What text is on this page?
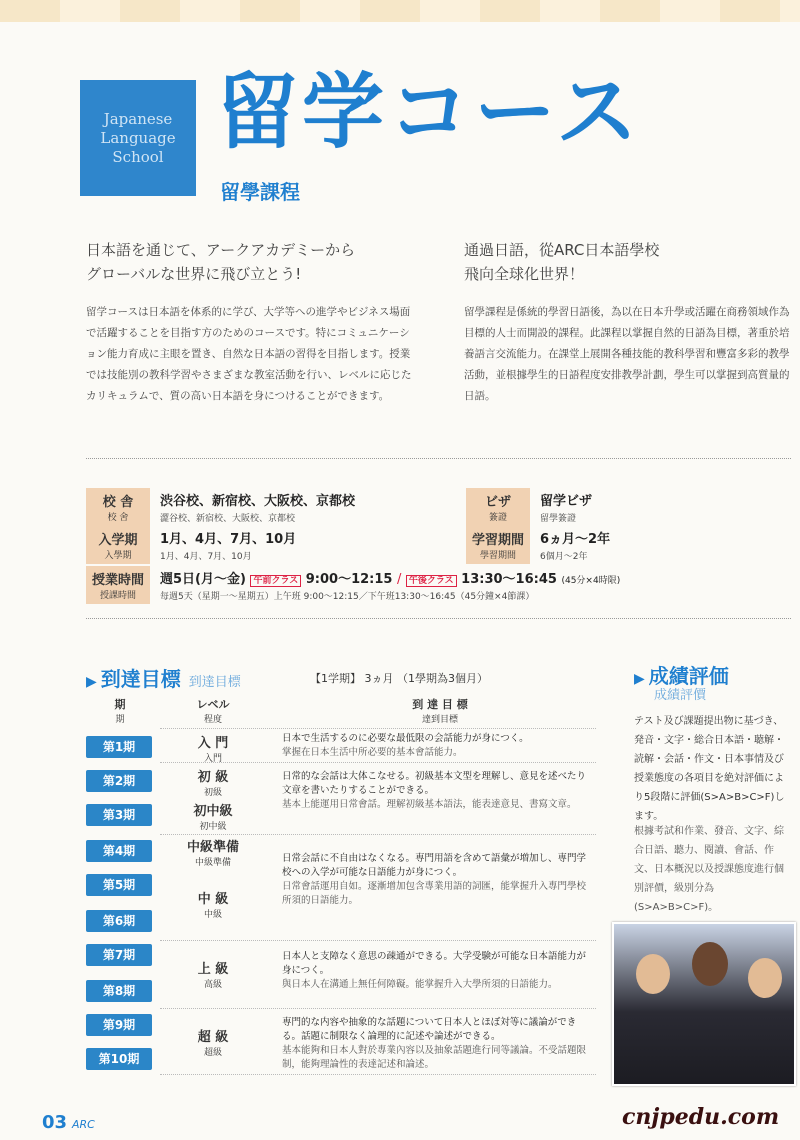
Japanese
Language
School 留学コース
留學課程
日本語を通じて、アークアカデミーから
グローバルな世界に飛び立とう!
留学コースは日本語を体系的に学び、大学等への進学やビジネス場面で活躍することを目指す方のためのコースです。特にコミュニケーション能力育成に主眼を置き、自然な日本語の習得を目指します。授業では技能別の教科学習やさまざまな教室活動を行い、レベルに応じたカリキュラムで、質の高い日本語を身につけることができます。
通過日語，從ARC日本語學校
飛向全球化世界！
留學課程是係統的學習日語後，為以在日本升學或活躍在商務領域作為目標的人士而開設的課程。此課程以掌握自然的日語為目標，著重於培養語言交流能力。在課堂上展開各種技能的教科學習和豐富多彩的教學活動，並根據學生的日語程度安排教學計劃，學生可以掌握到高質量的日語。
校 舎
校 舍
渋谷校、新宿校、大阪校、京都校
澀谷校、新宿校、大阪校、京都校
ビザ
簽證
留学ビザ
留學簽證
入学期
入學期
1月、4月、7月、10月
1月、4月、7月、10月
学習期間
學習期間
6ヵ月～2年
6個月～2年
授業時間
授課時間
週5日(月～金) 午前クラス 9:00～12:15 / 午後クラス 13:30～16:45 (45分×4時限)
每週5天（星期一～星期五）上午班 9:00～12:15／下午班13:30～16:45（45分鐘×4節課）
▶ 到達目標 到達目標	【1学期】 3ヵ月 （1學期為3個月）
期
期
レベル
程度
到 達 目 標
達到目標
第1期
第2期
第3期
第4期
第5期
第6期
第7期
第8期
第9期
第10期
入 門
入門
初 級
初級
初中級
初中級
中級準備
中級準備
中 級
中級
上 級
高級
超 級
超級
日本で生活するのに必要な最低限の会話能力が身につく。
掌握在日本生活中所必要的基本會話能力。
日常的な会話は大体こなせる。初級基本文型を理解し、意見を述べたり文章を書いたりすることができる。
基本上能運用日常會話。理解初級基本語法，能表達意見、書寫文章。
日常会話に不自由はなくなる。専門用語を含めて語彙が増加し、専門学校への入学が可能な日語能力が身につく。
日常會話運用自如。逐漸增加包含專業用語的詞匯，能掌握升入專門學校所須的日語能力。
日本人と支障なく意思の疎通ができる。大学受験が可能な日本語能力が身につく。
與日本人在溝通上無任何障礙。能掌握升入大學所須的日語能力。
専門的な内容や抽象的な話題について日本人とほぼ対等に議論ができる。話題に制限なく論理的に記述や論述ができる。
基本能夠和日本人對於專業內容以及抽象話題進行同等議論。不受話題限制，能夠理論性的表達記述和論述。
▶ 成績評価
成績評價
テスト及び課題提出物に基づき、発音・文字・総合日本語・聴解・読解・会話・作文・日本事情及び授業態度の各項目を絶対評価により5段階に評価(S>A>B>C>F)します。
根據考試和作業、發音、文字、綜合日語、聽力、閱讀、會話、作文、日本概況以及授課態度進行個別評價，級別分為(S>A>B>C>F)。
03 ARC	cnjpedu.com
